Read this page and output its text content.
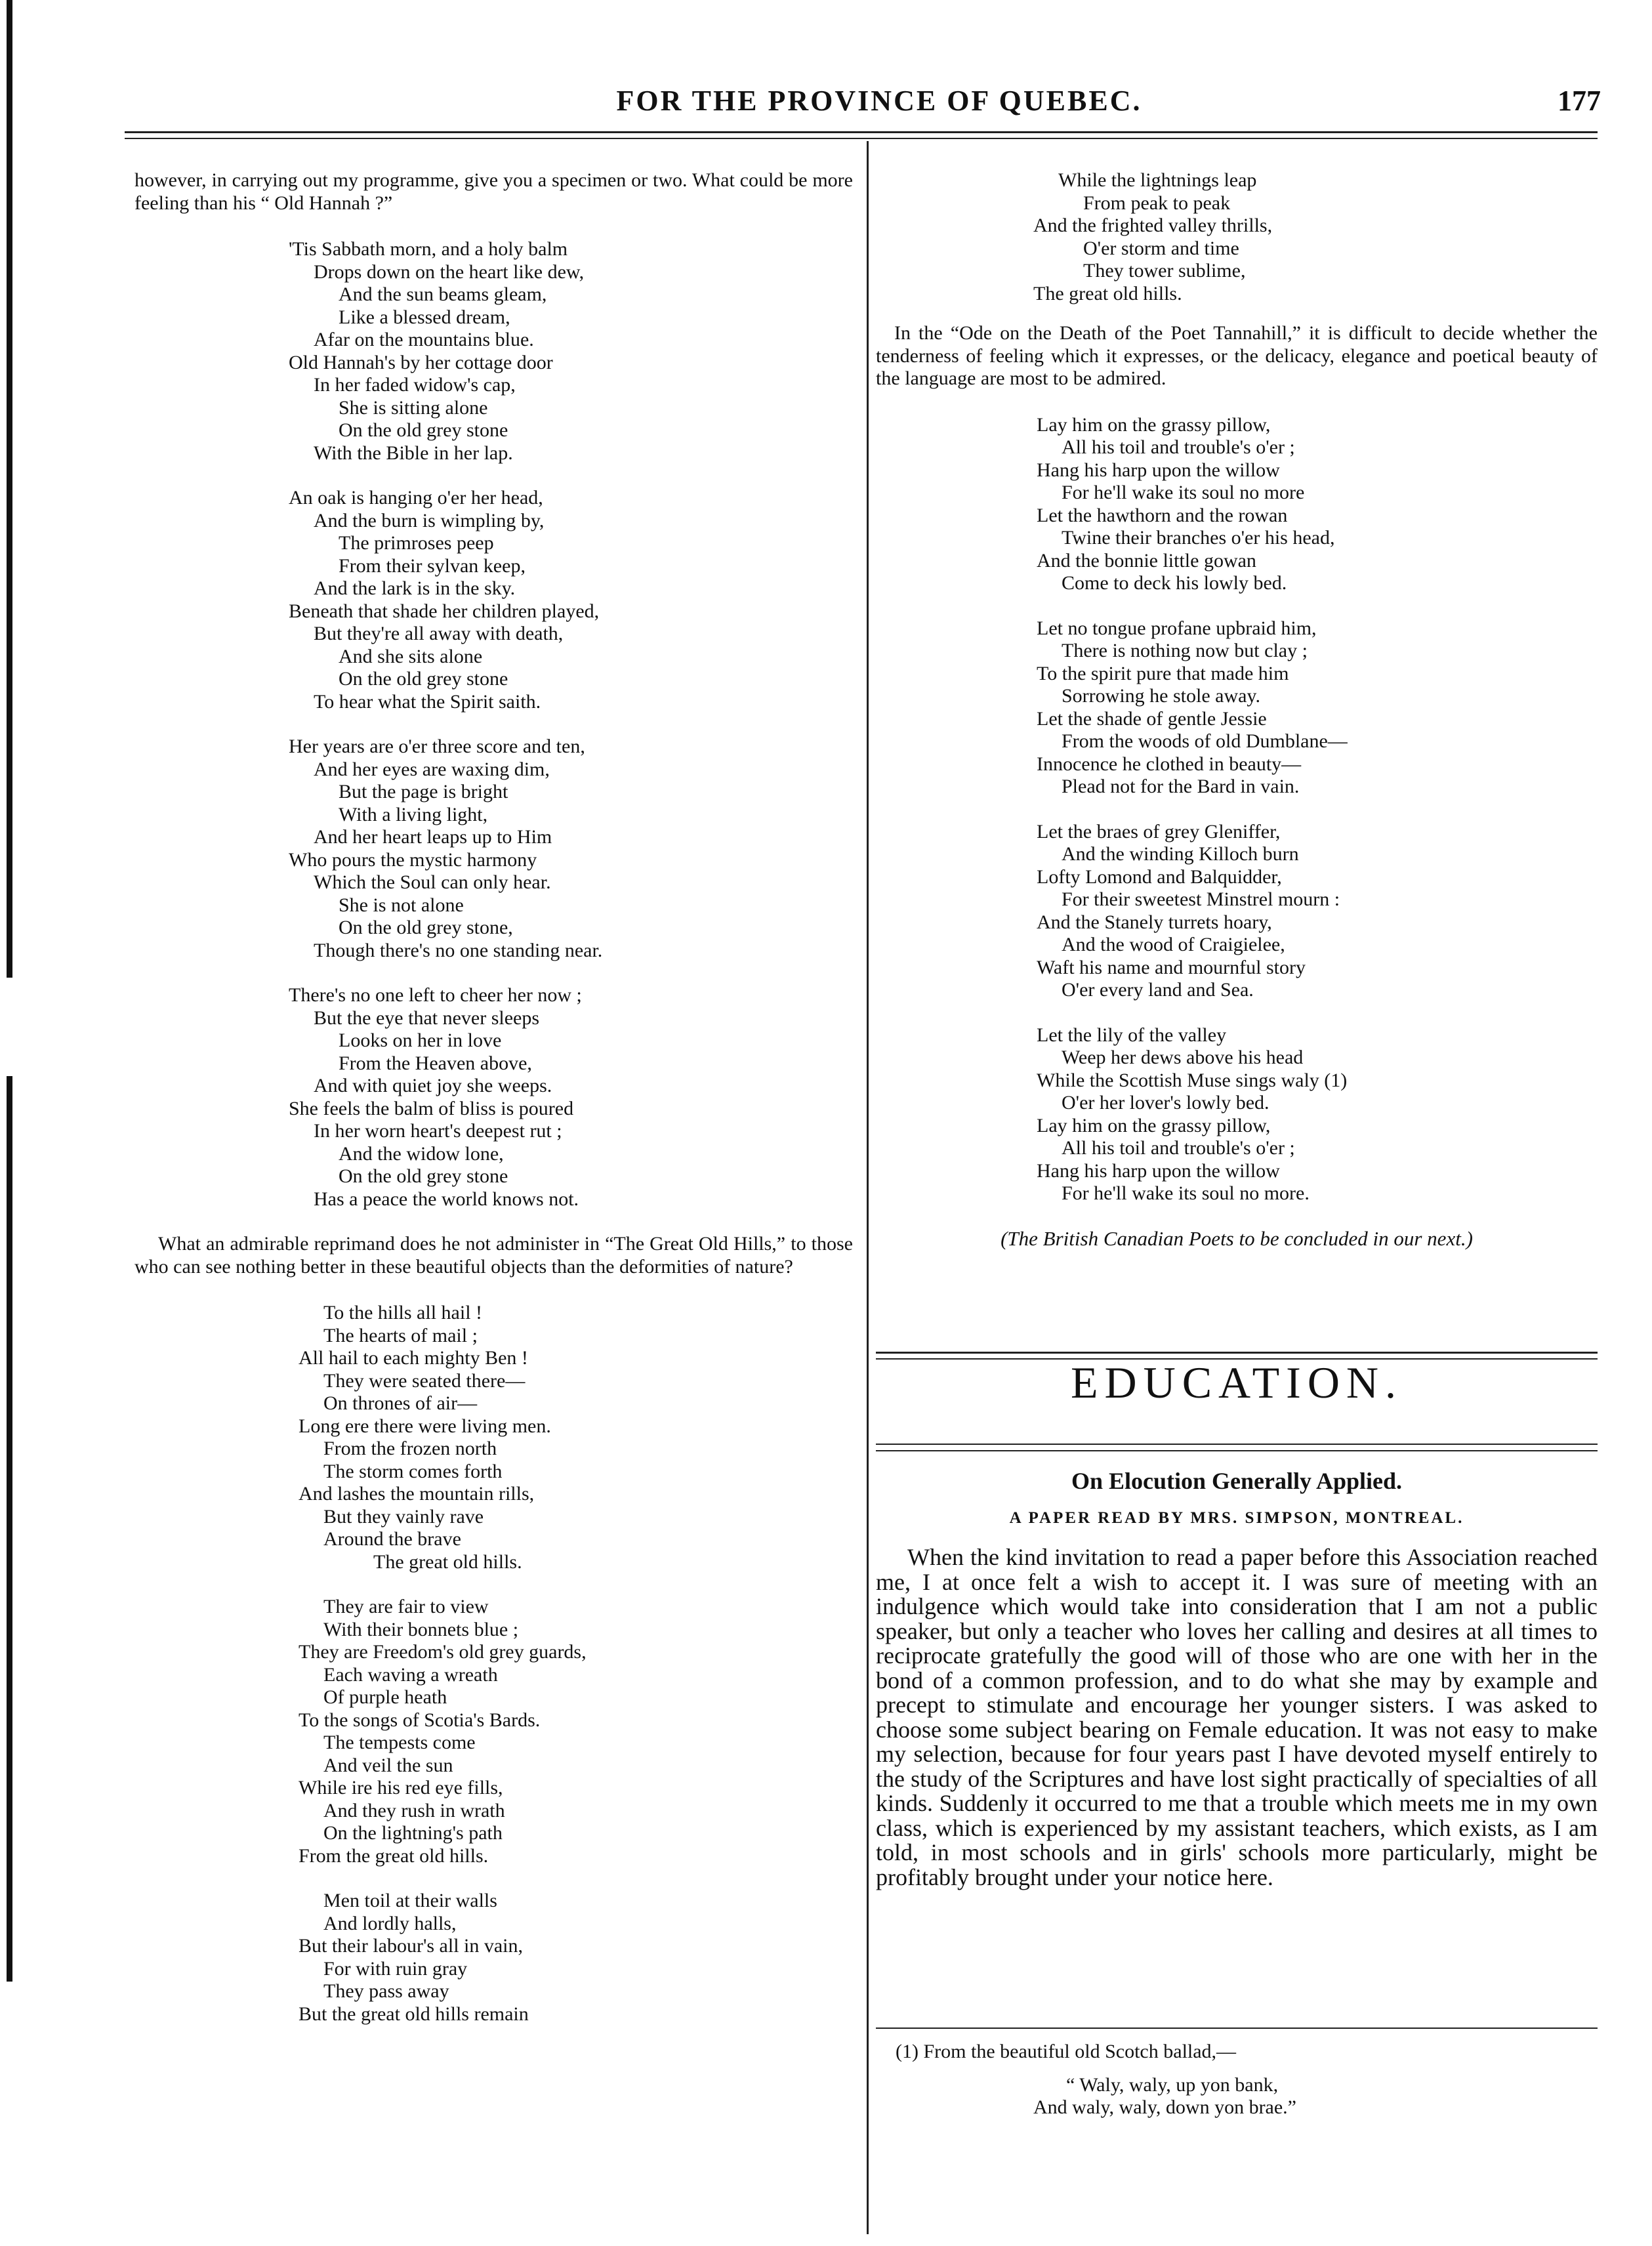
FOR THE PROVINCE OF QUEBEC.	177

however, in carrying out my programme, give you a specimen or two. What could be more feeling than his “ Old Hannah ?”

'Tis Sabbath morn, and a holy balm
Drops down on the heart like dew,
And the sun beams gleam,
Like a blessed dream,
Afar on the mountains blue.
Old Hannah's by her cottage door
In her faded widow's cap,
She is sitting alone
On the old grey stone
With the Bible in her lap.
An oak is hanging o'er her head,
And the burn is wimpling by,
The primroses peep
From their sylvan keep,
And the lark is in the sky.
Beneath that shade her children played,
But they're all away with death,
And she sits alone
On the old grey stone
To hear what the Spirit saith.
Her years are o'er three score and ten,
And her eyes are waxing dim,
But the page is bright
With a living light,
And her heart leaps up to Him
Who pours the mystic harmony
Which the Soul can only hear.
She is not alone
On the old grey stone,
Though there's no one standing near.
There's no one left to cheer her now ;
But the eye that never sleeps
Looks on her in love
From the Heaven above,
And with quiet joy she weeps.
She feels the balm of bliss is poured
In her worn heart's deepest rut ;
And the widow lone,
On the old grey stone
Has a peace the world knows not.

What an admirable reprimand does he not administer in “The Great Old Hills,” to those who can see nothing better in these beautiful objects than the deformities of nature?

To the hills all hail !
The hearts of mail ;
All hail to each mighty Ben !
They were seated there—
On thrones of air—
Long ere there were living men.
From the frozen north
The storm comes forth
And lashes the mountain rills,
But they vainly rave
Around the brave
The great old hills.
They are fair to view
With their bonnets blue ;
They are Freedom's old grey guards,
Each waving a wreath
Of purple heath
To the songs of Scotia's Bards.
The tempests come
And veil the sun
While ire his red eye fills,
And they rush in wrath
On the lightning's path
From the great old hills.
Men toil at their walls
And lordly halls,
But their labour's all in vain,
For with ruin gray
They pass away
But the great old hills remain
While the lightnings leap
From peak to peak
And the frighted valley thrills,
O'er storm and time
They tower sublime,
The great old hills.

In the “Ode on the Death of the Poet Tannahill,” it is difficult to decide whether the tenderness of feeling which it expresses, or the delicacy, elegance and poetical beauty of the language are most to be admired.

Lay him on the grassy pillow,
All his toil and trouble's o'er ;
Hang his harp upon the willow
For he'll wake its soul no more
Let the hawthorn and the rowan
Twine their branches o'er his head,
And the bonnie little gowan
Come to deck his lowly bed.
Let no tongue profane upbraid him,
There is nothing now but clay ;
To the spirit pure that made him
Sorrowing he stole away.
Let the shade of gentle Jessie
From the woods of old Dumblane—
Innocence he clothed in beauty—
Plead not for the Bard in vain.
Let the braes of grey Gleniffer,
And the winding Killoch burn
Lofty Lomond and Balquidder,
For their sweetest Minstrel mourn :
And the Stanely turrets hoary,
And the wood of Craigielee,
Waft his name and mournful story
O'er every land and Sea.
Let the lily of the valley
Weep her dews above his head
While the Scottish Muse sings waly (1)
O'er her lover's lowly bed.
Lay him on the grassy pillow,
All his toil and trouble's o'er ;
Hang his harp upon the willow
For he'll wake its soul no more.
(The British Canadian Poets to be concluded in our next.)
EDUCATION.
On Elocution Generally Applied.
A PAPER READ BY MRS. SIMPSON, MONTREAL.

When the kind invitation to read a paper before this Association reached me, I at once felt a wish to accept it. I was sure of meeting with an indulgence which would take into consideration that I am not a public speaker, but only a teacher who loves her calling and desires at all times to reciprocate gratefully the good will of those who are one with her in the bond of a common profession, and to do what she may by example and precept to stimulate and encourage her younger sisters. I was asked to choose some subject bearing on Female education. It was not easy to make my selection, because for four years past I have devoted myself entirely to the study of the Scriptures and have lost sight practically of specialties of all kinds. Suddenly it occurred to me that a trouble which meets me in my own class, which is experienced by my assistant teachers, which exists, as I am told, in most schools and in girls' schools more particularly, might be profitably brought under your notice here.

(1) From the beautiful old Scotch ballad,—
“ Waly, waly, up yon bank,
And waly, waly, down yon brae.”
